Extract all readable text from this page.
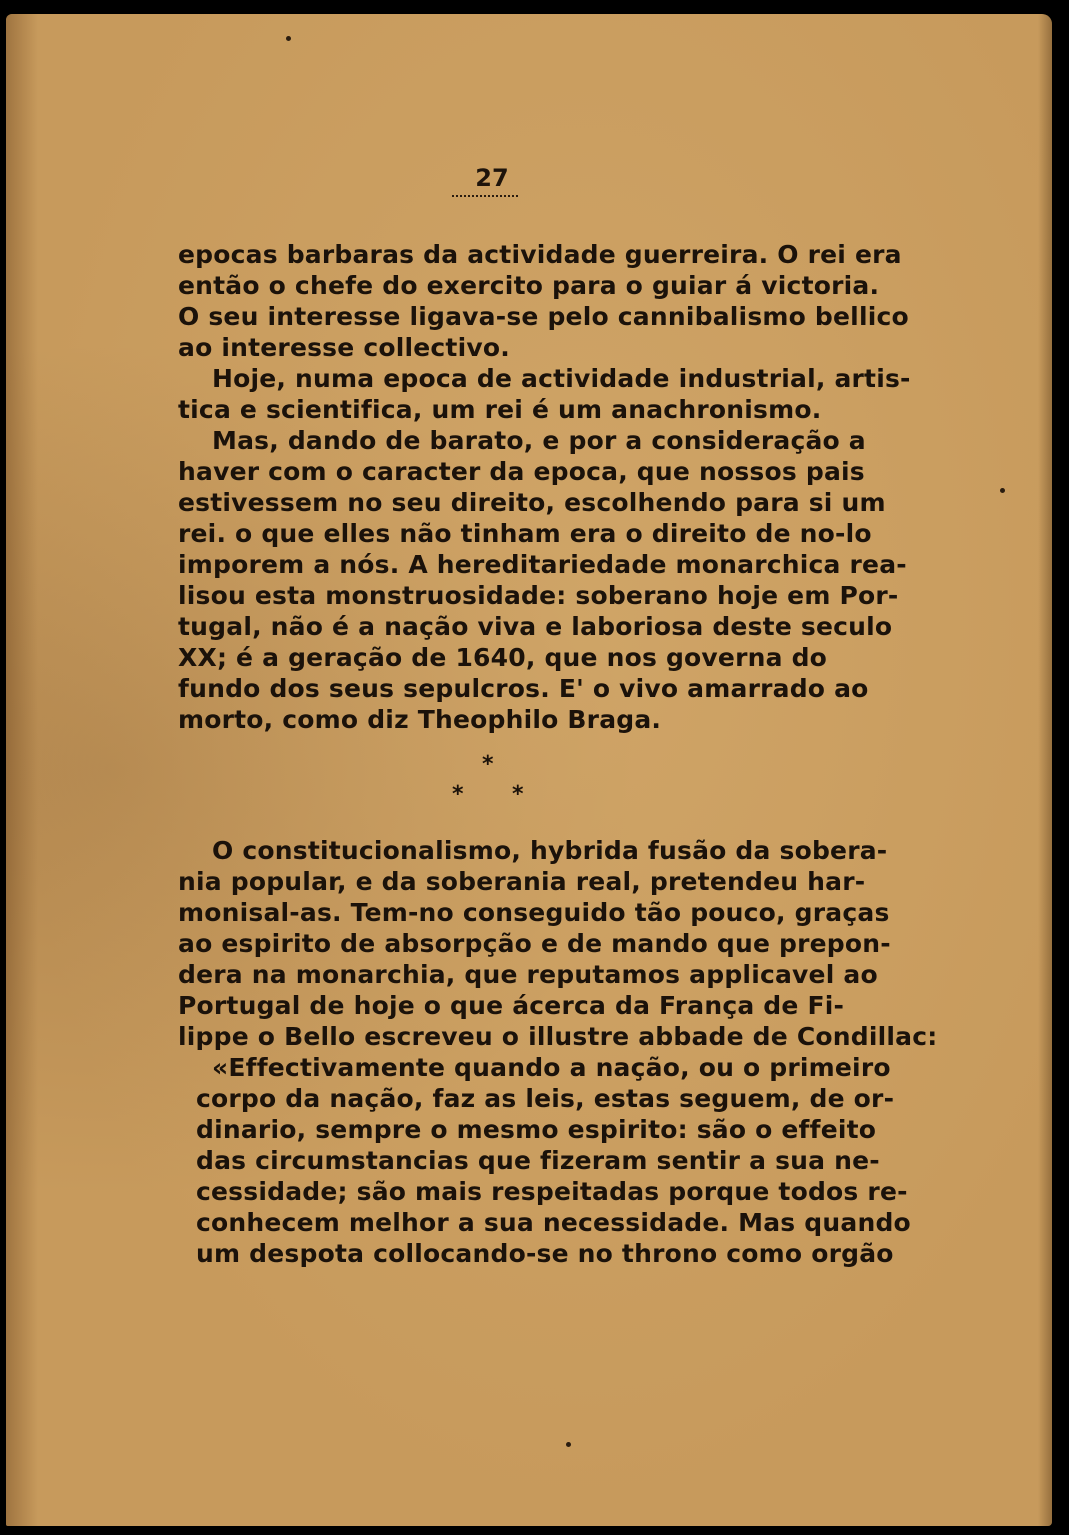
27
epocas barbaras da actividade guerreira. O rei era
então o chefe do exercito para o guiar á victoria.
O seu interesse ligava-se pelo cannibalismo bellico
ao interesse collectivo.
Hoje, numa epoca de actividade industrial, artis-
tica e scientifica, um rei é um anachronismo.
Mas, dando de barato, e por a consideração a
haver com o caracter da epoca, que nossos pais
estivessem no seu direito, escolhendo para si um
rei. o que elles não tinham era o direito de no-lo
imporem a nós. A hereditariedade monarchica rea-
lisou esta monstruosidade: soberano hoje em Por-
tugal, não é a nação viva e laboriosa deste seculo
XX; é a geração de 1640, que nos governa do
fundo dos seus sepulcros. E' o vivo amarrado ao
morto, como diz Theophilo Braga.
*
* *
O constitucionalismo, hybrida fusão da sobera-
nia popular, e da soberania real, pretendeu har-
monisal-as. Tem-no conseguido tão pouco, graças
ao espirito de absorpção e de mando que prepon-
dera na monarchia, que reputamos applicavel ao
Portugal de hoje o que ácerca da França de Fi-
lippe o Bello escreveu o illustre abbade de Condillac:
«Effectivamente quando a nação, ou o primeiro
corpo da nação, faz as leis, estas seguem, de or-
dinario, sempre o mesmo espirito: são o effeito
das circumstancias que fizeram sentir a sua ne-
cessidade; são mais respeitadas porque todos re-
conhecem melhor a sua necessidade. Mas quando
um despota collocando-se no throno como orgão
